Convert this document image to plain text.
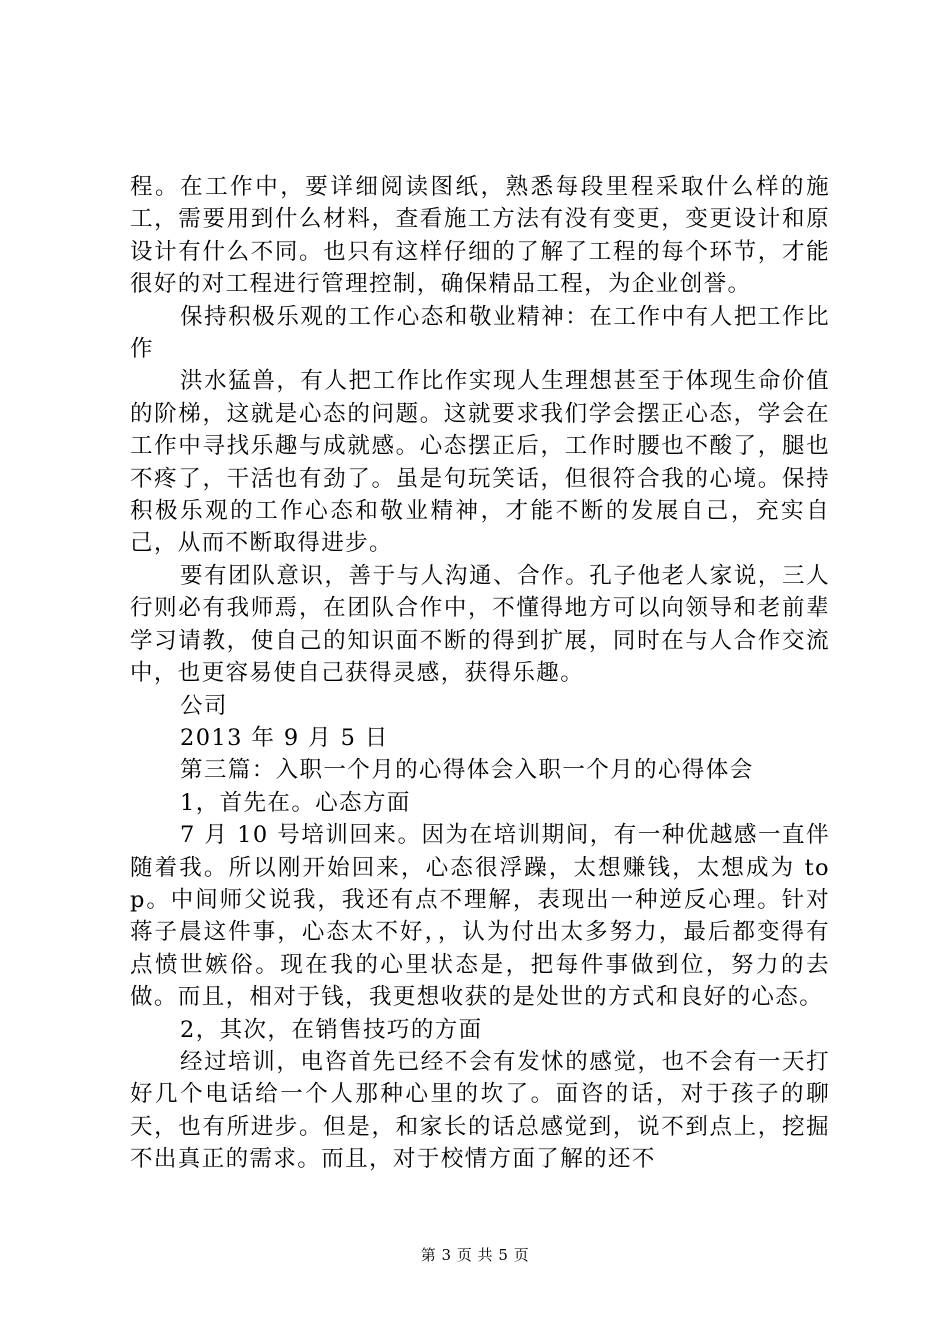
程。在工作中，要详细阅读图纸，熟悉每段里程采取什么样的施工，需要用到什么材料，查看施工方法有没有变更，变更设计和原设计有什么不同。也只有这样仔细的了解了工程的每个环节，才能很好的对工程进行管理控制，确保精品工程，为企业创誉。

保持积极乐观的工作心态和敬业精神：在工作中有人把工作比作

洪水猛兽，有人把工作比作实现人生理想甚至于体现生命价值的阶梯，这就是心态的问题。这就要求我们学会摆正心态，学会在工作中寻找乐趣与成就感。心态摆正后，工作时腰也不酸了，腿也不疼了，干活也有劲了。虽是句玩笑话，但很符合我的心境。保持积极乐观的工作心态和敬业精神，才能不断的发展自己，充实自己，从而不断取得进步。

要有团队意识，善于与人沟通、合作。孔子他老人家说，三人行则必有我师焉，在团队合作中，不懂得地方可以向领导和老前辈学习请教，使自己的知识面不断的得到扩展，同时在与人合作交流中，也更容易使自己获得灵感，获得乐趣。

公司

2013 年 9 月 5 日

第三篇：入职一个月的心得体会入职一个月的心得体会

1，首先在。心态方面

7 月 10 号培训回来。因为在培训期间，有一种优越感一直伴随着我。所以刚开始回来，心态很浮躁，太想赚钱，太想成为 top。中间师父说我，我还有点不理解，表现出一种逆反心理。针对蒋子晨这件事，心态太不好，，认为付出太多努力，最后都变得有点愤世嫉俗。现在我的心里状态是，把每件事做到位，努力的去做。而且，相对于钱，我更想收获的是处世的方式和良好的心态。

2，其次，在销售技巧的方面

经过培训，电咨首先已经不会有发怵的感觉，也不会有一天打好几个电话给一个人那种心里的坎了。面咨的话，对于孩子的聊天，也有所进步。但是，和家长的话总感觉到，说不到点上，挖掘不出真正的需求。而且，对于校情方面了解的还不

第 3 页 共 5 页
